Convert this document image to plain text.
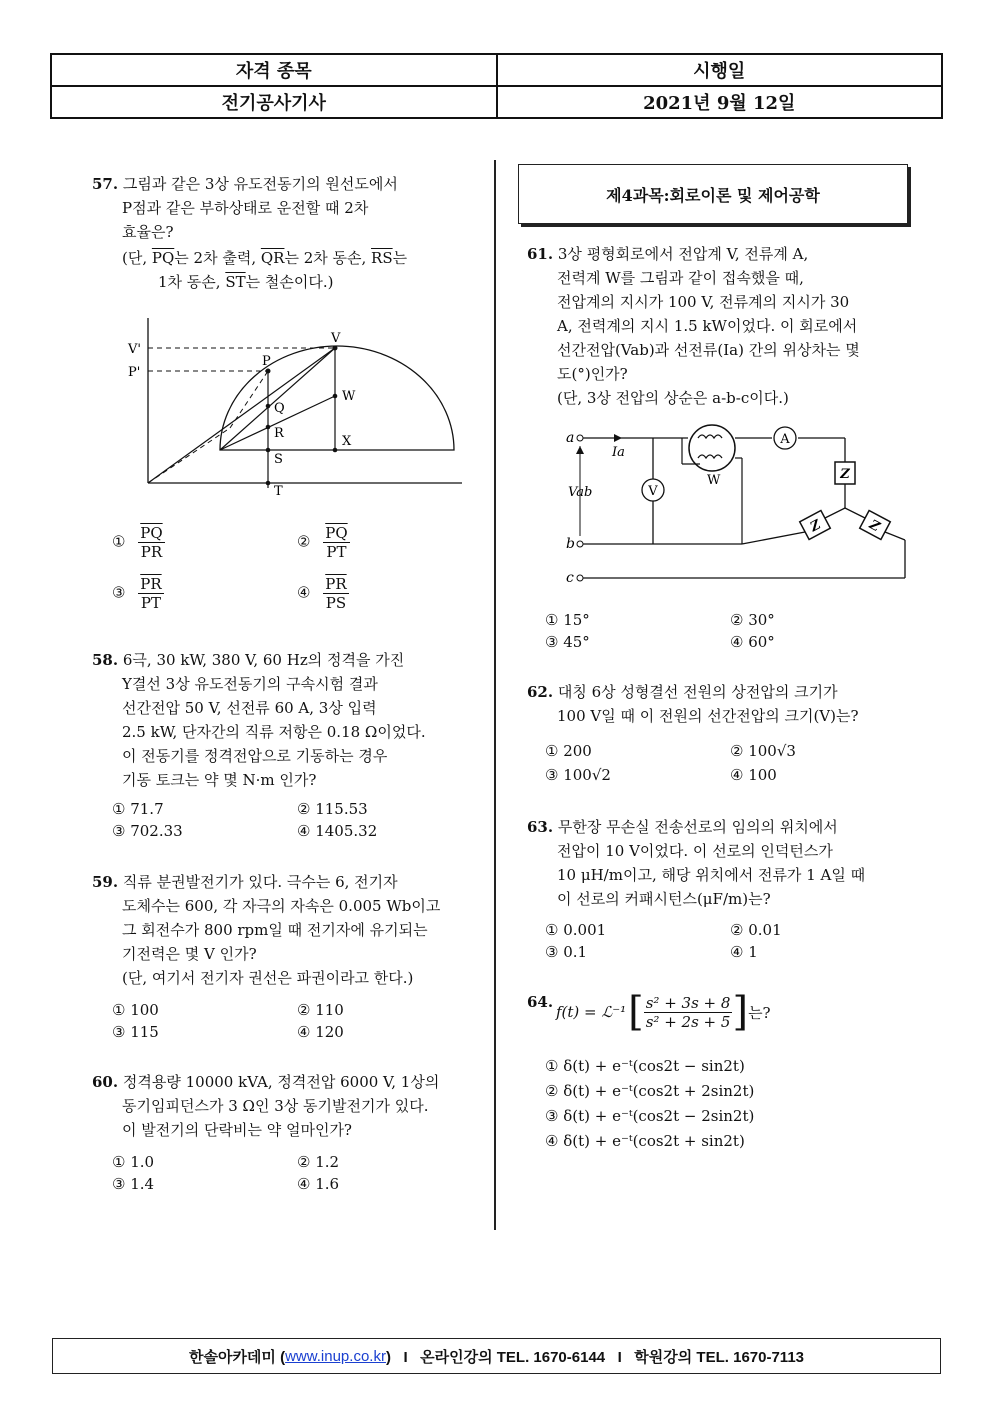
자격 종목	시행일
전기공사기사	2021년 9월 12일
57. 그림과 같은 3상 유도전동기의 원선도에서
P점과 같은 부하상태로 운전할 때 2차
효율은?
(단, $\overline{PQ}$는 2차 출력, $\overline{QR}$는 2차 동손, $\overline{RS}$는
1차 동손, $\overline{ST}$는 철손이다.)
V'
P'
V
P
W
Q
R
X
S
T
① $\frac{\overline{PQ}}{PR}$	② $\frac{\overline{PQ}}{PT}$
③ $\frac{\overline{PR}}{PT}$	④ $\frac{\overline{PR}}{PS}$
58. 6극, 30 kW, 380 V, 60 Hz의 정격을 가진
Y결선 3상 유도전동기의 구속시험 결과
선간전압 50 V, 선전류 60 A, 3상 입력
2.5 kW, 단자간의 직류 저항은 0.18 Ω이었다.
이 전동기를 정격전압으로 기동하는 경우
기동 토크는 약 몇 N·m 인가?
① 71.7	② 115.53
③ 702.33	④ 1405.32
59. 직류 분권발전기가 있다. 극수는 6, 전기자
도체수는 600, 각 자극의 자속은 0.005 Wb이고
그 회전수가 800 rpm일 때 전기자에 유기되는
기전력은 몇 V 인가?
(단, 여기서 전기자 권선은 파권이라고 한다.)
① 100	② 110
③ 115	④ 120
60. 정격용량 10000 kVA, 정격전압 6000 V, 1상의
동기임피던스가 3 Ω인 3상 동기발전기가 있다.
이 발전기의 단락비는 약 얼마인가?
① 1.0	② 1.2
③ 1.4	④ 1.6
제4과목:회로이론 및 제어공학
61. 3상 평형회로에서 전압계 V, 전류계 A,
전력계 W를 그림과 같이 접속했을 때,
전압계의 지시가 100 V, 전류계의 지시가 30
A, 전력계의 지시 1.5 kW이었다. 이 회로에서
선간전압(Vab)과 선전류(Ia) 간의 위상차는 몇
도(°)인가?
(단, 3상 전압의 상순은 a-b-c이다.)
Z
Z	Z
a
b
c
Ia
Vab	V
W
A
① 15°	② 30°
③ 45°	④ 60°
62. 대칭 6상 성형결선 전원의 상전압의 크기가
100 V일 때 이 전원의 선간전압의 크기(V)는?
① 200	② 100√3
③ 100√2	④ 100
63. 무한장 무손실 전송선로의 임의의 위치에서
전압이 10 V이었다. 이 선로의 인덕턴스가
10 μH/m이고, 해당 위치에서 전류가 1 A일 때
이 선로의 커패시턴스(μF/m)는?
① 0.001	② 0.01
③ 0.1	④ 1
64.
f(t) = ℒ⁻¹ [ $\frac{\text{s² + 3s + 8}}{\text{s² + 2s + 5}}$ ] 는?
① δ(t) + e⁻ᵗ(cos2t − sin2t)
② δ(t) + e⁻ᵗ(cos2t + 2sin2t)
③ δ(t) + e⁻ᵗ(cos2t − 2sin2t)
④ δ(t) + e⁻ᵗ(cos2t + sin2t)
한솔아카데미 ( www.inup.co.kr )   I   온라인강의 TEL. 1670-6144   I   학원강의 TEL. 1670-7113
